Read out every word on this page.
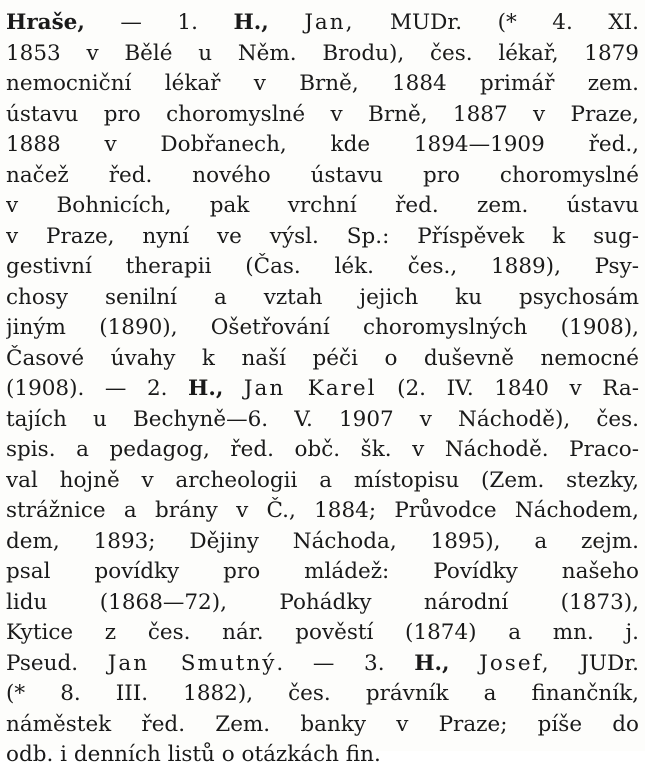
Hraše, — 1. H., Jan, MUDr. (* 4. XI.
1853 v Bělé u Něm. Brodu), čes. lékař, 1879
nemocniční lékař v Brně, 1884 primář zem.
ústavu pro choromyslné v Brně, 1887 v Praze,
1888 v Dobřanech, kde 1894—1909 řed.,
načež řed. nového ústavu pro choromyslné
v Bohnicích, pak vrchní řed. zem. ústavu
v Praze, nyní ve výsl. Sp.: Příspěvek k sug-
gestivní therapii (Čas. lék. čes., 1889), Psy-
chosy senilní a vztah jejich ku psychosám
jiným (1890), Ošetřování choromyslných (1908),
Časové úvahy k naší péči o duševně nemocné
(1908). — 2. H., Jan Karel (2. IV. 1840 v Ra-
tajích u Bechyně—6. V. 1907 v Náchodě), čes.
spis. a pedagog, řed. obč. šk. v Náchodě. Praco-
val hojně v archeologii a místopisu (Zem. stezky,
strážnice a brány v Č., 1884; Průvodce Náchodem,
dem, 1893; Dějiny Náchoda, 1895), a zejm.
psal povídky pro mládež: Povídky našeho
lidu (1868—72), Pohádky národní (1873),
Kytice z čes. nár. pověstí (1874) a mn. j.
Pseud. Jan Smutný. — 3. H., Josef, JUDr.
(* 8. III. 1882), čes. právník a finančník,
náměstek řed. Zem. banky v Praze; píše do
odb. i denních listů o otázkách fin.
